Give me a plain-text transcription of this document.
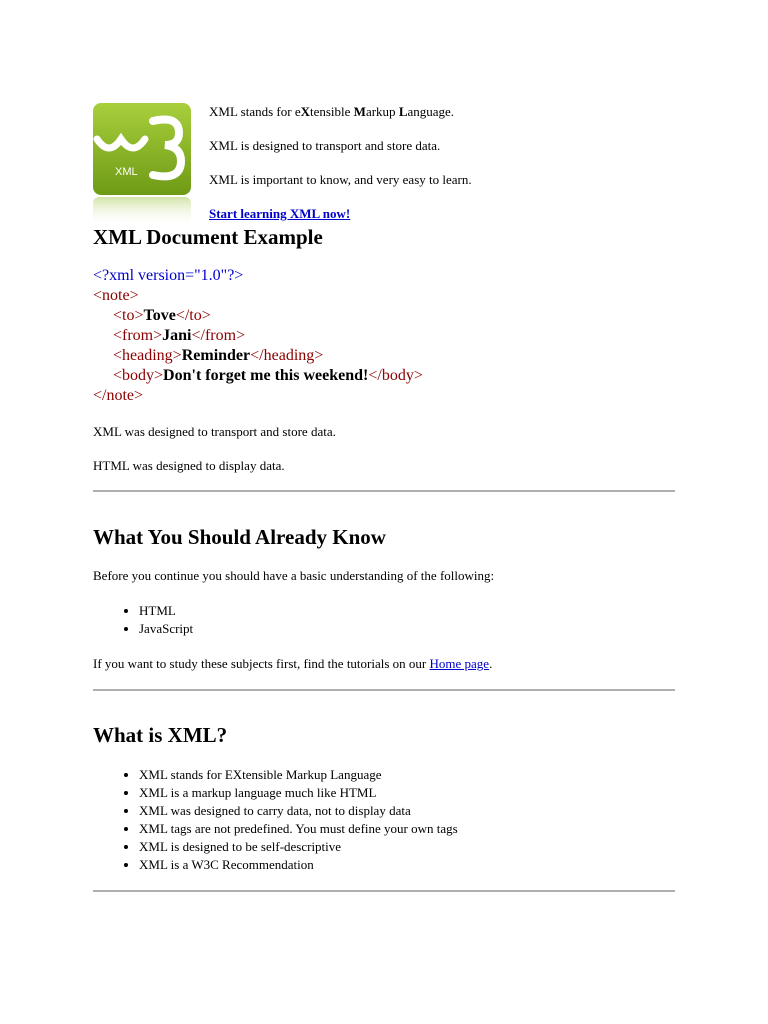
XML

XML stands for eXtensible Markup Language.

XML is designed to transport and store data.

XML is important to know, and very easy to learn.

Start learning XML now!

XML Document Example
<?xml version="1.0"?>
<note>
<to>Tove</to>
<from>Jani</from>
<heading>Reminder</heading>
<body>Don't forget me this weekend!</body>
</note>

XML was designed to transport and store data.

HTML was designed to display data.

What You Should Already Know

Before you continue you should have a basic understanding of the following:

• HTML
• JavaScript

If you want to study these subjects first, find the tutorials on our Home page.

What is XML?
• XML stands for EXtensible Markup Language
• XML is a markup language much like HTML
• XML was designed to carry data, not to display data
• XML tags are not predefined. You must define your own tags
• XML is designed to be self-descriptive
• XML is a W3C Recommendation
